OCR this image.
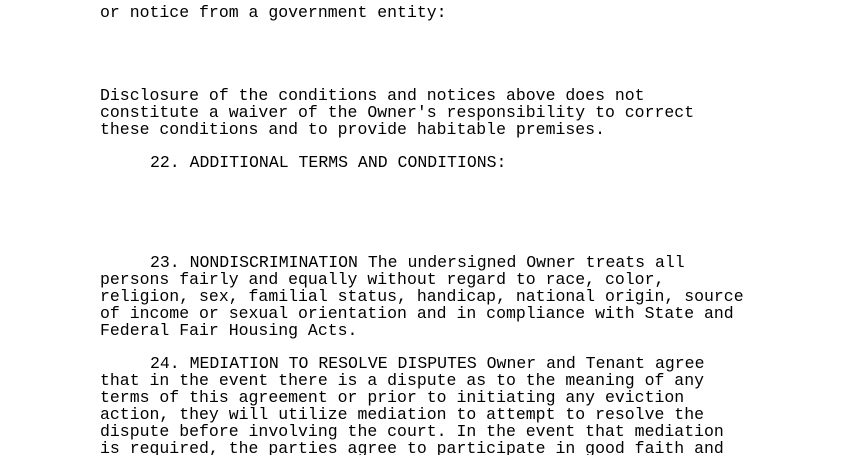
or notice from a government entity:
Disclosure of the conditions and notices above does not
constitute a waiver of the Owner's responsibility to correct
these conditions and to provide habitable premises.
22. ADDITIONAL TERMS AND CONDITIONS:
23. NONDISCRIMINATION The undersigned Owner treats all
persons fairly and equally without regard to race, color,
religion, sex, familial status, handicap, national origin, source
of income or sexual orientation and in compliance with State and
Federal Fair Housing Acts.
24. MEDIATION TO RESOLVE DISPUTES Owner and Tenant agree
that in the event there is a dispute as to the meaning of any
terms of this agreement or prior to initiating any eviction
action, they will utilize mediation to attempt to resolve the
dispute before involving the court. In the event that mediation
is required, the parties agree to participate in good faith and
